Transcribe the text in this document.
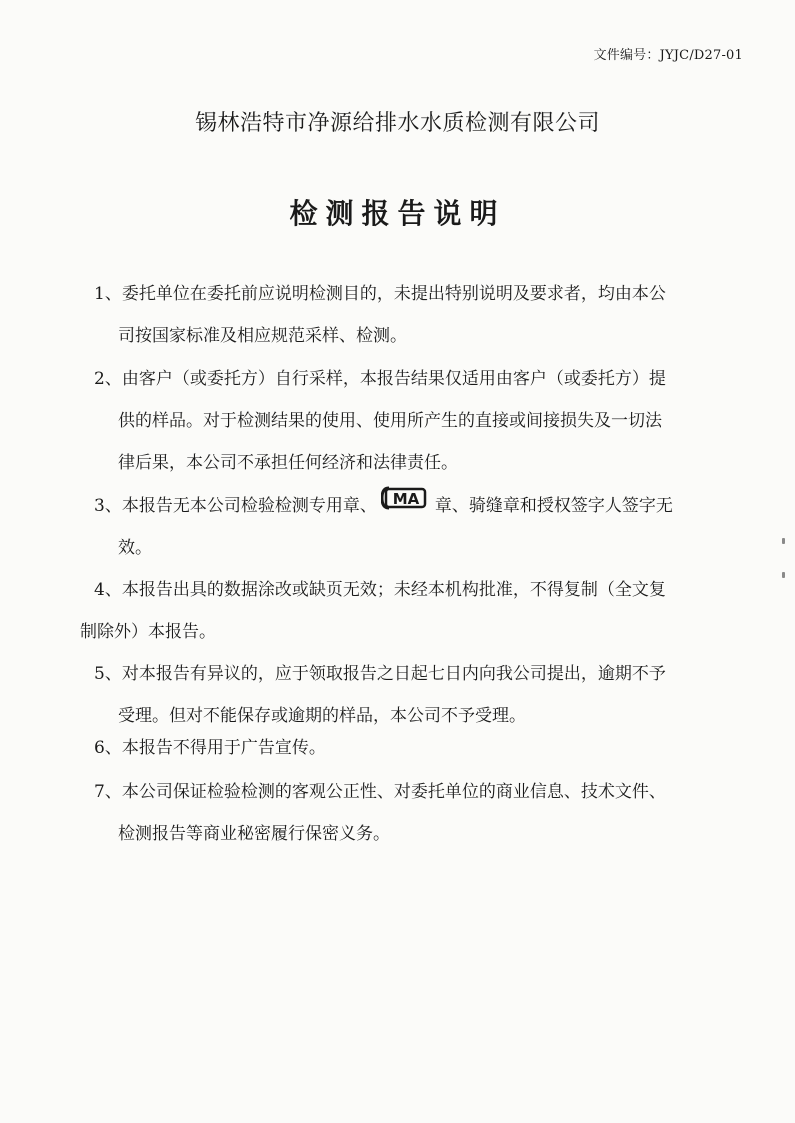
文件编号：JYJC/D27-01
锡林浩特市净源给排水水质检测有限公司
检测报告说明
1、委托单位在委托前应说明检测目的，未提出特别说明及要求者，均由本公
司按国家标准及相应规范采样、检测。
2、由客户（或委托方）自行采样，本报告结果仅适用由客户（或委托方）提
供的样品。对于检测结果的使用、使用所产生的直接或间接损失及一切法
律后果，本公司不承担任何经济和法律责任。
3、本报告无本公司检验检测专用章、 MA 章、骑缝章和授权签字人签字无
效。
4、本报告出具的数据涂改或缺页无效；未经本机构批准，不得复制（全文复
制除外）本报告。
5、对本报告有异议的，应于领取报告之日起七日内向我公司提出，逾期不予
受理。但对不能保存或逾期的样品，本公司不予受理。
6、本报告不得用于广告宣传。
7、本公司保证检验检测的客观公正性、对委托单位的商业信息、技术文件、
检测报告等商业秘密履行保密义务。
